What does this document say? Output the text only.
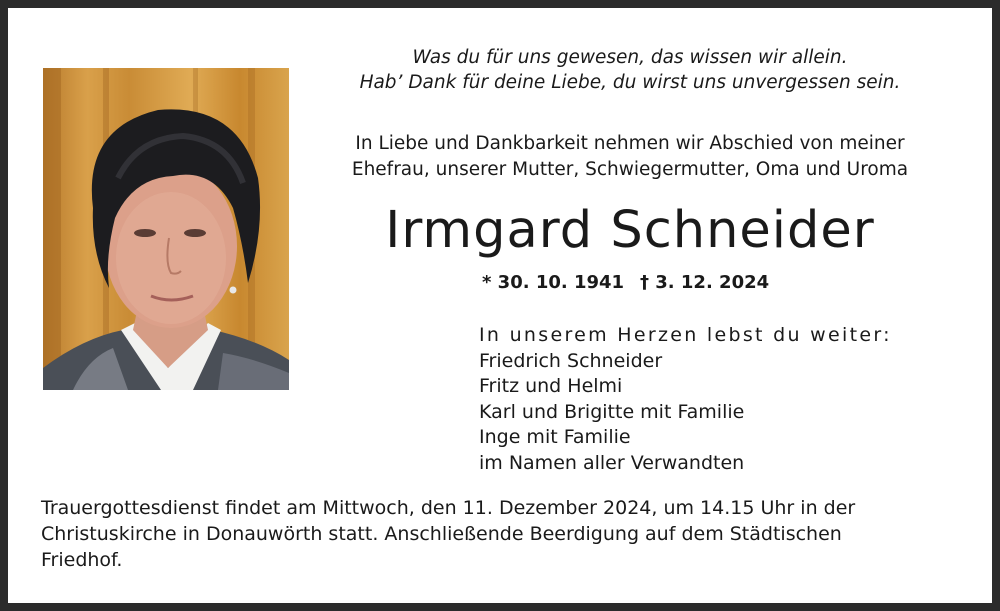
Was du für uns gewesen, das wissen wir allein.
Hab’ Dank für deine Liebe, du wirst uns unvergessen sein.
In Liebe und Dankbarkeit nehmen wir Abschied von meiner
Ehefrau, unserer Mutter, Schwiegermutter, Oma und Uroma
Irmgard Schneider
* 30. 10. 1941 † 3. 12. 2024
In unserem Herzen lebst du weiter:
Friedrich Schneider
Fritz und Helmi
Karl und Brigitte mit Familie
Inge mit Familie
im Namen aller Verwandten
Trauergottesdienst findet am Mittwoch, den 11. Dezember 2024, um 14.15 Uhr in der
Christuskirche in Donauwörth statt. Anschließende Beerdigung auf dem Städtischen
Friedhof.
